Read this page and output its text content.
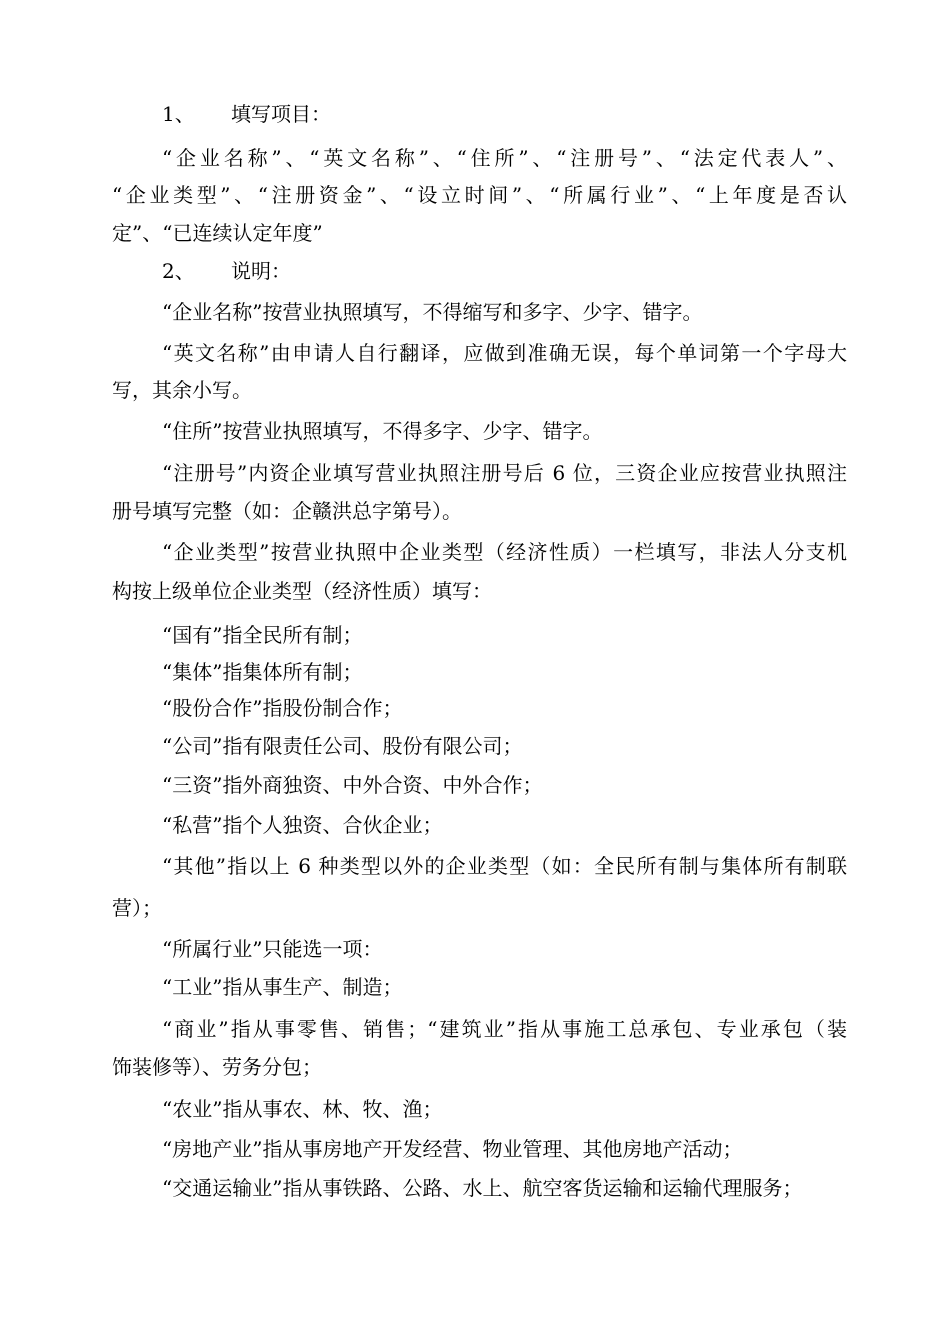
1、 填写项目：
“企业名称”、“英文名称”、“住所”、“注册号”、“法定代表人”、
“企业类型”、“注册资金”、“设立时间”、“所属行业”、“上年度是否认
定”、“已连续认定年度”
2、 说明：
“企业名称”按营业执照填写，不得缩写和多字、少字、错字。
“英文名称”由申请人自行翻译，应做到准确无误，每个单词第一个字母大
写，其余小写。
“住所”按营业执照填写，不得多字、少字、错字。
“注册号”内资企业填写营业执照注册号后 6 位，三资企业应按营业执照注
册号填写完整（如：企赣洪总字第号）。
“企业类型”按营业执照中企业类型（经济性质）一栏填写，非法人分支机
构按上级单位企业类型（经济性质）填写：
“国有”指全民所有制；
“集体”指集体所有制；
“股份合作”指股份制合作；
“公司”指有限责任公司、股份有限公司；
“三资”指外商独资、中外合资、中外合作；
“私营”指个人独资、合伙企业；
“其他”指以上 6 种类型以外的企业类型（如：全民所有制与集体所有制联
营）；
“所属行业”只能选一项：
“工业”指从事生产、制造；
“商业”指从事零售、销售；“建筑业”指从事施工总承包、专业承包（装
饰装修等）、劳务分包；
“农业”指从事农、林、牧、渔；
“房地产业”指从事房地产开发经营、物业管理、其他房地产活动；
“交通运输业”指从事铁路、公路、水上、航空客货运输和运输代理服务；
